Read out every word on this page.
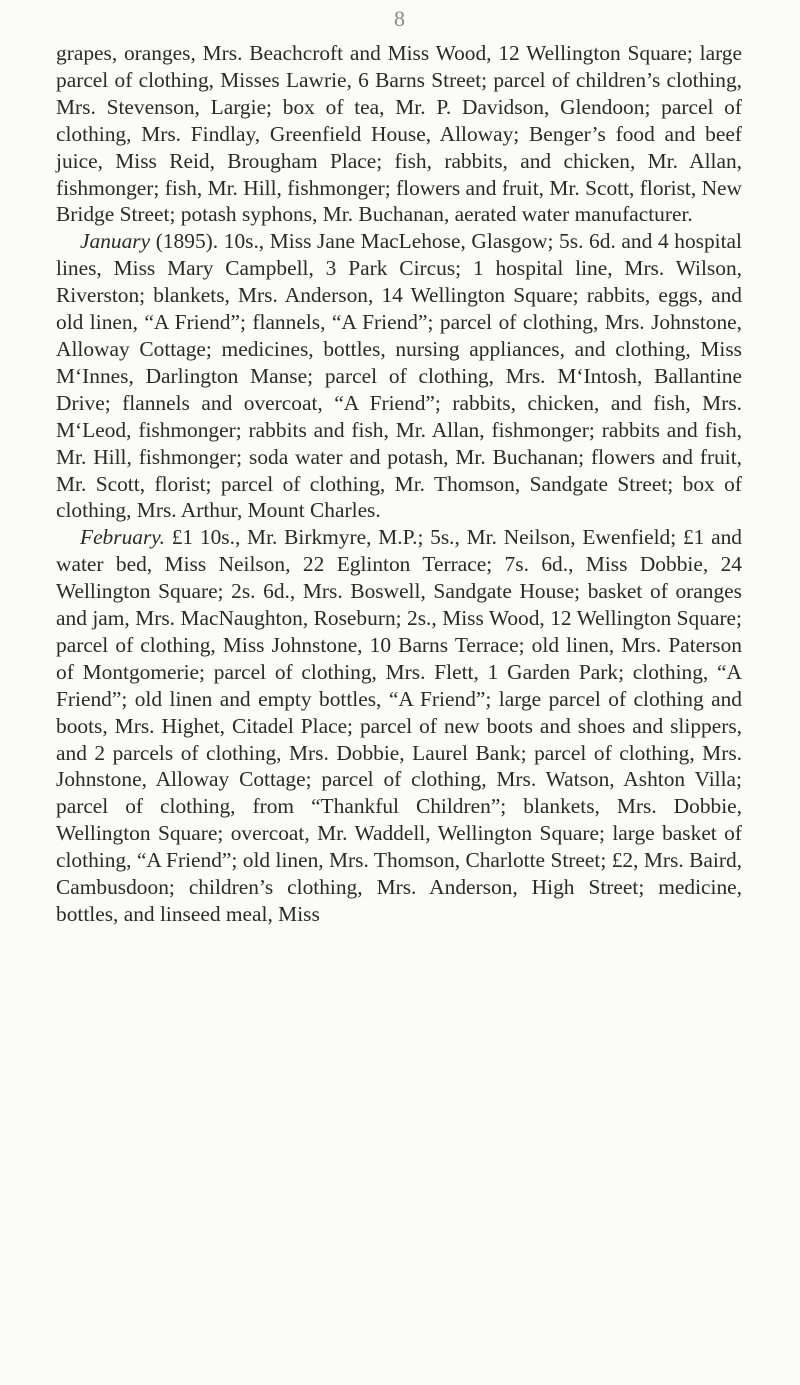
8

grapes, oranges, Mrs. Beachcroft and Miss Wood, 12 Wellington Square; large parcel of clothing, Misses Lawrie, 6 Barns Street; parcel of children’s clothing, Mrs. Stevenson, Largie; box of tea, Mr. P. Davidson, Glendoon; parcel of clothing, Mrs. Findlay, Greenfield House, Alloway; Benger’s food and beef juice, Miss Reid, Brougham Place; fish, rabbits, and chicken, Mr. Allan, fishmonger; fish, Mr. Hill, fishmonger; flowers and fruit, Mr. Scott, florist, New Bridge Street; potash syphons, Mr. Buchanan, aerated water manufacturer.

January (1895). 10s., Miss Jane MacLehose, Glasgow; 5s. 6d. and 4 hospital lines, Miss Mary Campbell, 3 Park Circus; 1 hospital line, Mrs. Wilson, Riverston; blankets, Mrs. Anderson, 14 Wellington Square; rabbits, eggs, and old linen, “A Friend”; flannels, “A Friend”; parcel of clothing, Mrs. Johnstone, Alloway Cottage; medicines, bottles, nursing appliances, and clothing, Miss M‘Innes, Darlington Manse; parcel of clothing, Mrs. M‘Intosh, Ballantine Drive; flannels and overcoat, “A Friend”; rabbits, chicken, and fish, Mrs. M‘Leod, fishmonger; rabbits and fish, Mr. Allan, fishmonger; rabbits and fish, Mr. Hill, fishmonger; soda water and potash, Mr. Buchanan; flowers and fruit, Mr. Scott, florist; parcel of clothing, Mr. Thomson, Sandgate Street; box of clothing, Mrs. Arthur, Mount Charles.

February. £1 10s., Mr. Birkmyre, M.P.; 5s., Mr. Neilson, Ewenfield; £1 and water bed, Miss Neilson, 22 Eglinton Terrace; 7s. 6d., Miss Dobbie, 24 Wellington Square; 2s. 6d., Mrs. Boswell, Sandgate House; basket of oranges and jam, Mrs. MacNaughton, Roseburn; 2s., Miss Wood, 12 Wellington Square; parcel of clothing, Miss Johnstone, 10 Barns Terrace; old linen, Mrs. Paterson of Montgomerie; parcel of clothing, Mrs. Flett, 1 Garden Park; clothing, “A Friend”; old linen and empty bottles, “A Friend”; large parcel of clothing and boots, Mrs. Highet, Citadel Place; parcel of new boots and shoes and slippers, and 2 parcels of clothing, Mrs. Dobbie, Laurel Bank; parcel of clothing, Mrs. Johnstone, Alloway Cottage; parcel of clothing, Mrs. Watson, Ashton Villa; parcel of clothing, from “Thankful Children”; blankets, Mrs. Dobbie, Wellington Square; overcoat, Mr. Waddell, Wellington Square; large basket of clothing, “A Friend”; old linen, Mrs. Thomson, Charlotte Street; £2, Mrs. Baird, Cambusdoon; children’s clothing, Mrs. Anderson, High Street; medicine, bottles, and linseed meal, Miss
